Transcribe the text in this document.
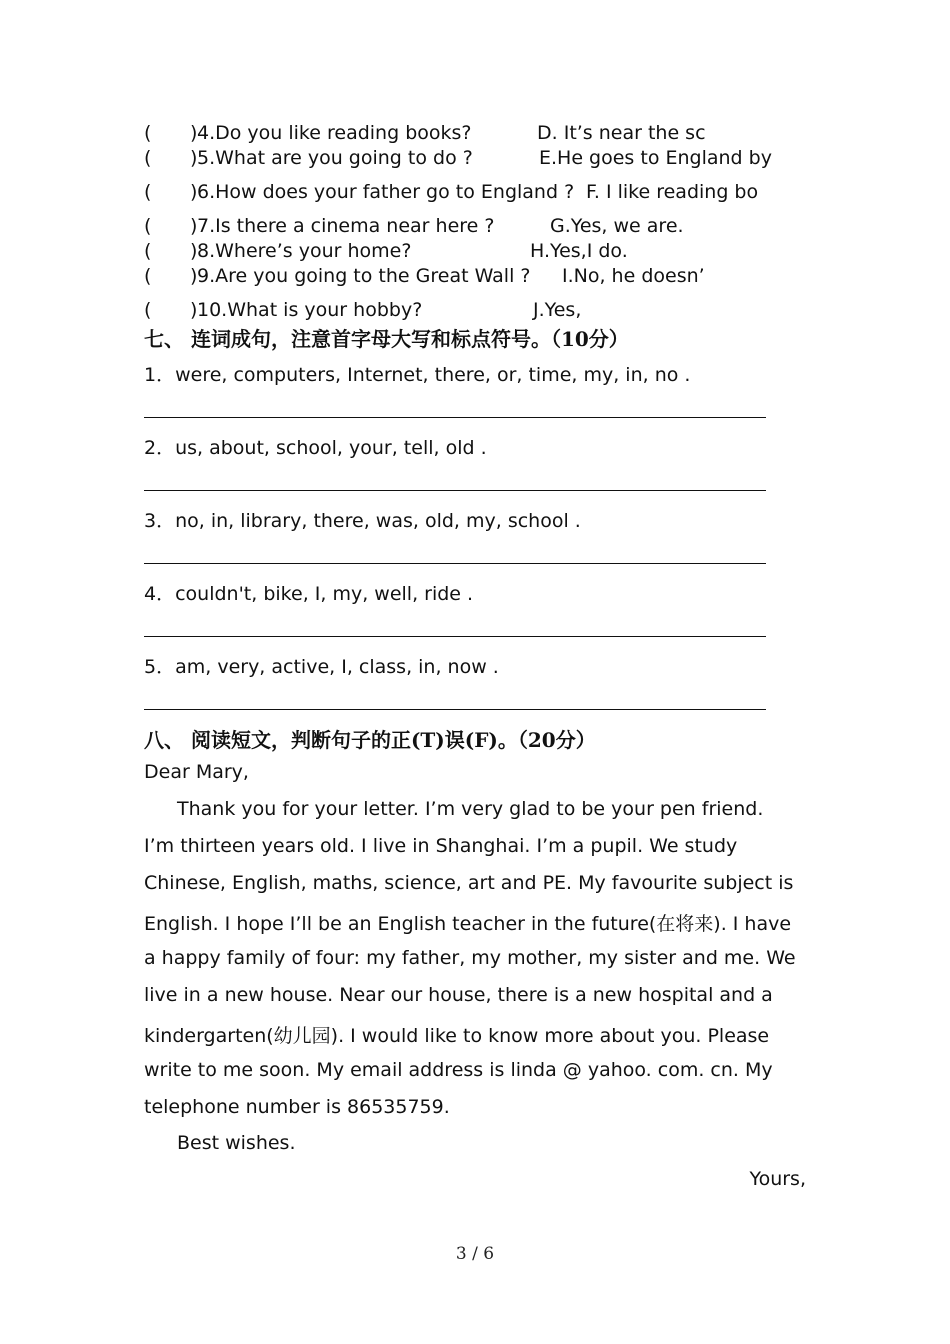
( ) 4.Do you like reading books?	D. It’s near the sc
( ) 5.What are you going to do ?	E.He goes to England by
( ) 6.How does your father go to England ? F. I like reading bo
( ) 7.Is there a cinema near here ?	G.Yes, we are.
( ) 8.Where’s your home?	H.Yes,I do.
( ) 9.Are you going to the Great Wall ? I.No, he doesn’
( ) 10.What is your hobby?	J.Yes,
七、 连词成句，注意首字母大写和标点符号。（10分）
1．were, computers, Internet, there, or, time, my, in, no .
2．us, about, school, your, tell, old .
3．no, in, library, there, was, old, my, school .
4．couldn't, bike, I, my, well, ride .
5．am, very, active, I, class, in, now .
八、 阅读短文，判断句子的正(T)误(F)。（20分）
Dear Mary,
Thank you for your letter. I’m very glad to be your pen friend.
I’m thirteen years old. I live in Shanghai. I’m a pupil. We study
Chinese, English, maths, science, art and PE. My favourite subject is
English. I hope I’ll be an English teacher in the future(在将来). I have
a happy family of four: my father, my mother, my sister and me. We
live in a new house. Near our house, there is a new hospital and a
kindergarten(幼儿园). I would like to know more about you. Please
write to me soon. My email address is linda @ yahoo. com. cn. My
telephone number is 86535759.
Best wishes.
Yours,
3 / 6
